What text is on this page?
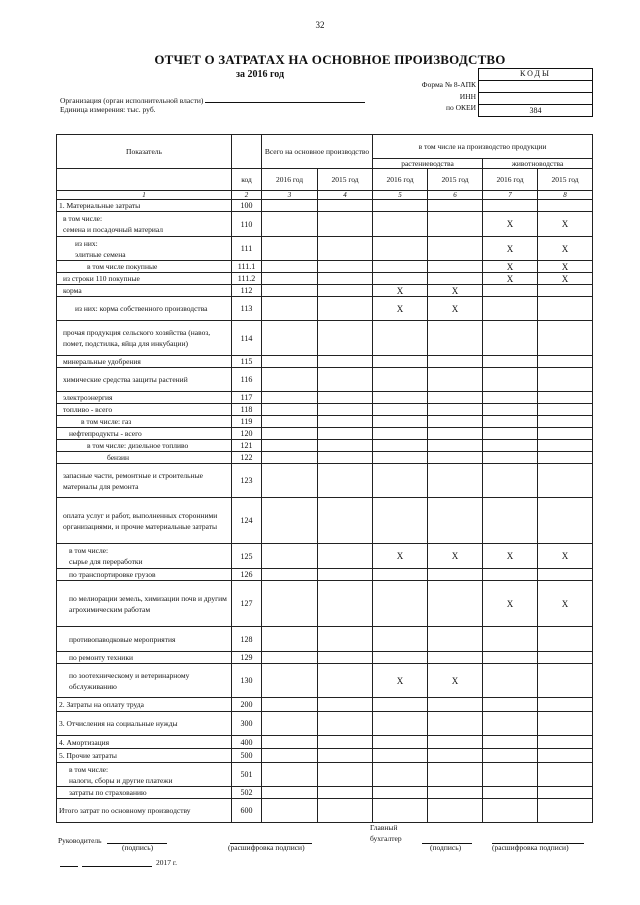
32
ОТЧЕТ О ЗАТРАТАХ НА ОСНОВНОЕ ПРОИЗВОДСТВО
за 2016 год	КОДЫ
384
Форма № 8-АПК
ИНН
по ОКЕИ
Организация (орган исполнительной власти)
Единица измерения: тыс. руб.
Показатель		Всего на основное производство		в том числе на производство продукции			
				растениеводства		животноводства	
	код	2016 год	2015 год	2016 год	2015 год	2016 год	2015 год
1	2	3	4	5	6	7	8
1. Материальные затраты	100						
в том числе:
семена и посадочный материал	110					X	X
из них:
элитные семена	111					X	X
в том числе покупные	111.1					X	X
из строки 110 покупные	111.2					X	X
корма	112			X	X		
из них: корма собственного производства	113			X	X		
прочая продукция сельского хозяйства (навоз, помет, подстилка, яйца для инкубации)	114						
минеральные удобрения	115						
химические средства защиты растений	116						
электроэнергия	117						
топливо - всего	118						
в том числе: газ	119						
нефтепродукты - всего	120						
в том числе: дизельное топливо	121						
бензин	122						
запасные части, ремонтные и строительные материалы для ремонта	123						
оплата услуг и работ, выполненных сторонними организациями, и прочие материальные затраты	124						
в том числе:
сырье для переработки	125			X	X	X	X
по транспортировке грузов	126						
по мелиорации земель, химизации почв и другим агрохимическим работам	127					X	X
противопаводковые мероприятия	128						
по ремонту техники	129						
по зоотехническому и ветеринарному обслуживанию	130			X	X		
2. Затраты на оплату труда	200						
3. Отчисления на социальные нужды	300						
4. Амортизация	400						
5. Прочие затраты	500						
в том числе:
налоги, сборы и другие платежи	501						
затраты по страхованию	502						
Итого затрат по основному производству	600						
Руководитель
(подпись)	(расшифровка подписи)
Главный бухгалтер
(подпись)	(расшифровка подписи)
2017 г.
